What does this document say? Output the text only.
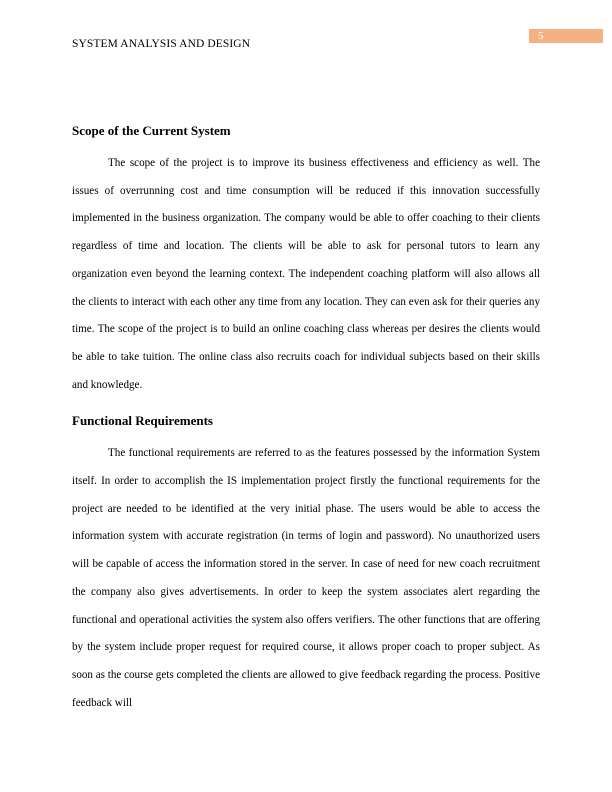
SYSTEM ANALYSIS AND DESIGN
5
Scope of the Current System

The scope of the project is to improve its business effectiveness and efficiency as well. The issues of overrunning cost and time consumption will be reduced if this innovation successfully implemented in the business organization. The company would be able to offer coaching to their clients regardless of time and location. The clients will be able to ask for personal tutors to learn any organization even beyond the learning context. The independent coaching platform will also allows all the clients to interact with each other any time from any location. They can even ask for their queries any time. The scope of the project is to build an online coaching class whereas per desires the clients would be able to take tuition. The online class also recruits coach for individual subjects based on their skills and knowledge.

Functional Requirements

The functional requirements are referred to as the features possessed by the information System itself. In order to accomplish the IS implementation project firstly the functional requirements for the project are needed to be identified at the very initial phase. The users would be able to access the information system with accurate registration (in terms of login and password). No unauthorized users will be capable of access the information stored in the server. In case of need for new coach recruitment the company also gives advertisements. In order to keep the system associates alert regarding the functional and operational activities the system also offers verifiers. The other functions that are offering by the system include proper request for required course, it allows proper coach to proper subject. As soon as the course gets completed the clients are allowed to give feedback regarding the process. Positive feedback will
